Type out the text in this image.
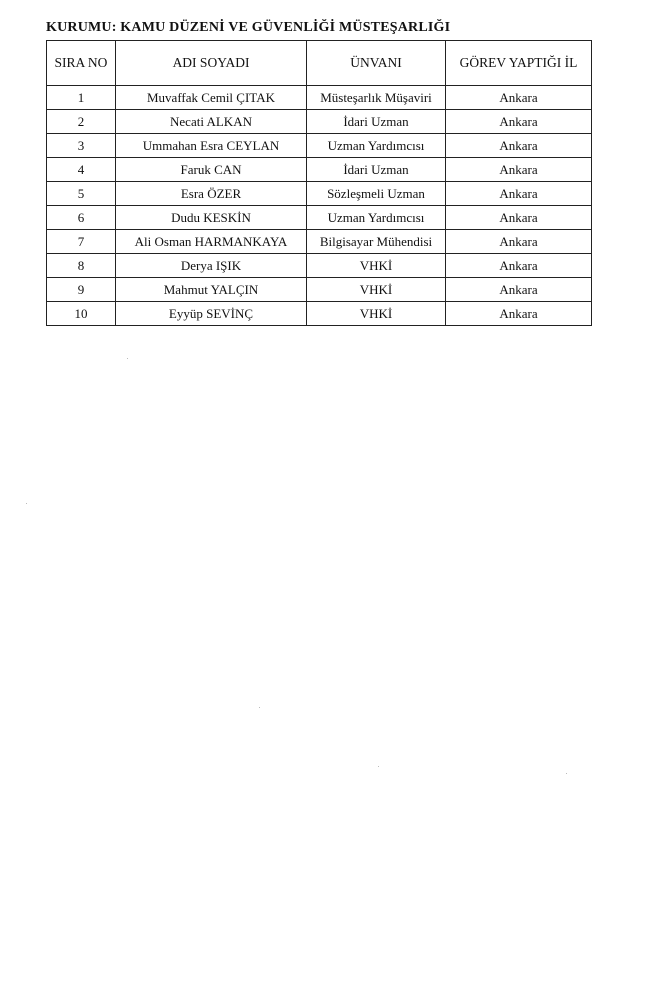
KURUMU: KAMU DÜZENİ VE GÜVENLİĞİ MÜSTEŞARLIĞI
SIRA NO	ADI SOYADI	ÜNVANI	GÖREV YAPTIĞI İL
1	Muvaffak Cemil ÇITAK	Müsteşarlık Müşaviri	Ankara
2	Necati ALKAN	İdari Uzman	Ankara
3	Ummahan Esra CEYLAN	Uzman Yardımcısı	Ankara
4	Faruk CAN	İdari Uzman	Ankara
5	Esra ÖZER	Sözleşmeli Uzman	Ankara
6	Dudu KESKİN	Uzman Yardımcısı	Ankara
7	Ali Osman HARMANKAYA	Bilgisayar Mühendisi	Ankara
8	Derya IŞIK	VHKİ	Ankara
9	Mahmut YALÇIN	VHKİ	Ankara
10	Eyyüp SEVİNÇ	VHKİ	Ankara
